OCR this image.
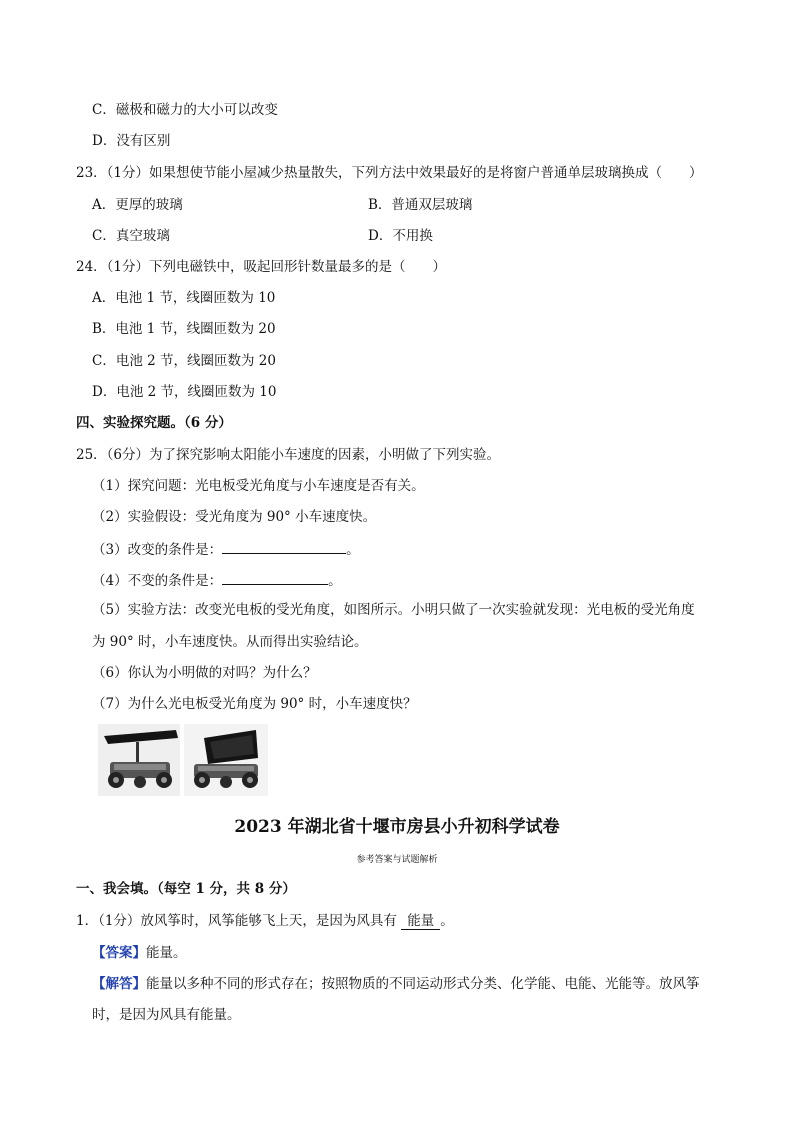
C．磁极和磁力的大小可以改变
D．没有区别
23．（1分）如果想使节能小屋减少热量散失，下列方法中效果最好的是将窗户普通单层玻璃换成（　　）
A．更厚的玻璃	B．普通双层玻璃
C．真空玻璃	D．不用换
24．（1分）下列电磁铁中，吸起回形针数量最多的是（　　）
A．电池 1 节，线圈匝数为 10
B．电池 1 节，线圈匝数为 20
C．电池 2 节，线圈匝数为 20
D．电池 2 节，线圈匝数为 10
四、实验探究题。（6 分）
25．（6分）为了探究影响太阳能小车速度的因素，小明做了下列实验。
（1）探究问题：光电板受光角度与小车速度是否有关。
（2）实验假设：受光角度为 90° 小车速度快。
（3）改变的条件是：	。
（4）不变的条件是：	。
（5）实验方法：改变光电板的受光角度，如图所示。小明只做了一次实验就发现：光电板的受光角度
为 90° 时，小车速度快。从而得出实验结论。
（6）你认为小明做的对吗？为什么？
（7）为什么光电板受光角度为 90° 时，小车速度快？
2023 年湖北省十堰市房县小升初科学试卷
参考答案与试题解析
一、我会填。（每空 1 分，共 8 分）
1．（1分）放风筝时，风筝能够飞上天，是因为风具有 能量 。
【答案】能量。
【解答】能量以多种不同的形式存在；按照物质的不同运动形式分类、化学能、电能、光能等。放风筝
时，是因为风具有能量。
